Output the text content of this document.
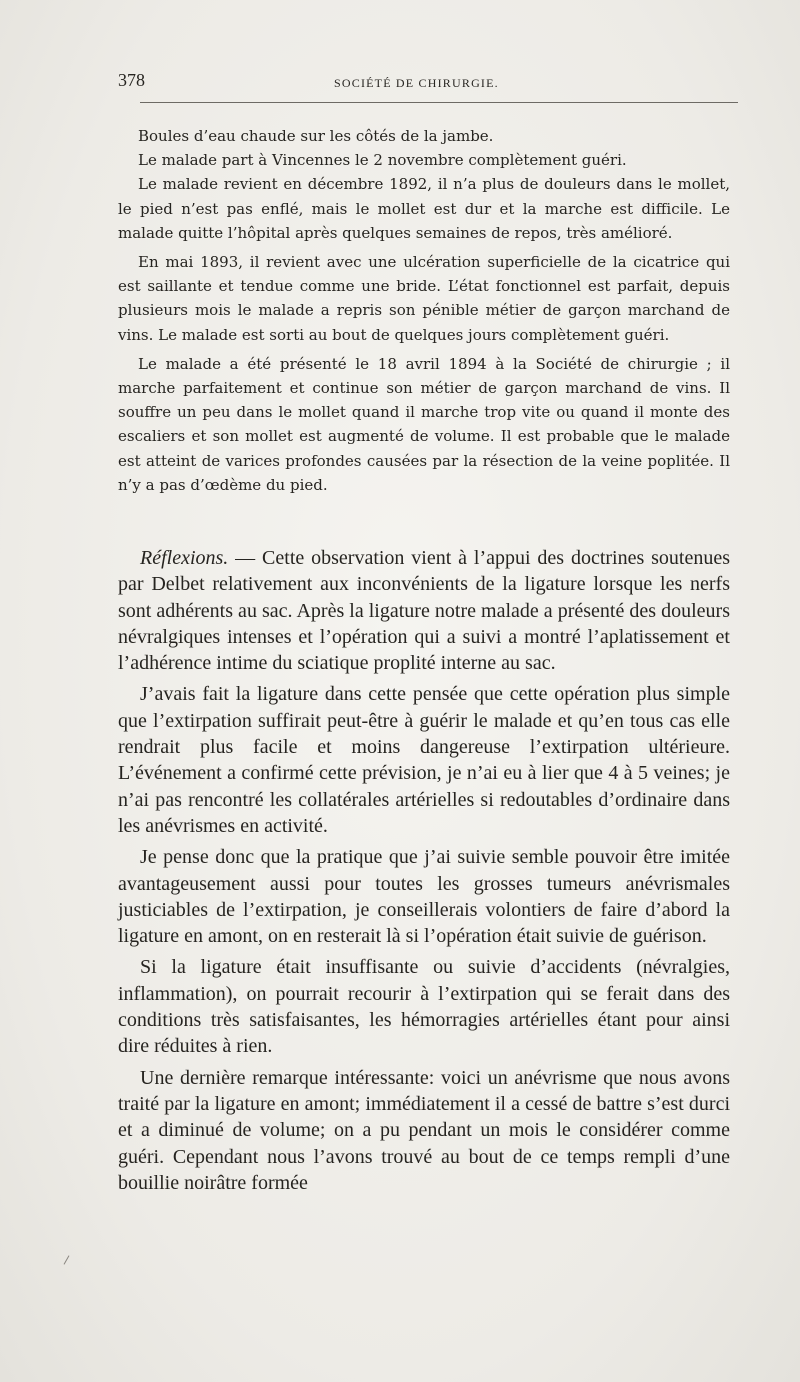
378	SOCIÉTÉ DE CHIRURGIE.

Boules d’eau chaude sur les côtés de la jambe.

Le malade part à Vincennes le 2 novembre complètement guéri.

Le malade revient en décembre 1892, il n’a plus de douleurs dans le mollet, le pied n’est pas enflé, mais le mollet est dur et la marche est difficile. Le malade quitte l’hôpital après quelques semaines de repos, très amélioré.

En mai 1893, il revient avec une ulcération superficielle de la cicatrice qui est saillante et tendue comme une bride. L’état fonctionnel est parfait, depuis plusieurs mois le malade a repris son pénible métier de garçon marchand de vins. Le malade est sorti au bout de quelques jours complètement guéri.

Le malade a été présenté le 18 avril 1894 à la Société de chirurgie ; il marche parfaitement et continue son métier de garçon marchand de vins. Il souffre un peu dans le mollet quand il marche trop vite ou quand il monte des escaliers et son mollet est augmenté de volume. Il est probable que le malade est atteint de varices profondes causées par la résection de la veine poplitée. Il n’y a pas d’œdème du pied.

Réflexions. — Cette observation vient à l’appui des doctrines soutenues par Delbet relativement aux inconvénients de la ligature lorsque les nerfs sont adhérents au sac. Après la ligature notre malade a présenté des douleurs névralgiques intenses et l’opération qui a suivi a montré l’aplatissement et l’adhérence intime du sciatique proplité interne au sac.

J’avais fait la ligature dans cette pensée que cette opération plus simple que l’extirpation suffirait peut-être à guérir le malade et qu’en tous cas elle rendrait plus facile et moins dangereuse l’extirpation ultérieure. L’événement a confirmé cette prévision, je n’ai eu à lier que 4 à 5 veines; je n’ai pas rencontré les collatérales artérielles si redoutables d’ordinaire dans les anévrismes en activité.

Je pense donc que la pratique que j’ai suivie semble pouvoir être imitée avantageusement aussi pour toutes les grosses tumeurs anévrismales justiciables de l’extirpation, je conseillerais volontiers de faire d’abord la ligature en amont, on en resterait là si l’opération était suivie de guérison.

Si la ligature était insuffisante ou suivie d’accidents (névralgies, inflammation), on pourrait recourir à l’extirpation qui se ferait dans des conditions très satisfaisantes, les hémorragies artérielles étant pour ainsi dire réduites à rien.

Une dernière remarque intéressante: voici un anévrisme que nous avons traité par la ligature en amont; immédiatement il a cessé de battre s’est durci et a diminué de volume; on a pu pendant un mois le considérer comme guéri. Cependant nous l’avons trouvé au bout de ce temps rempli d’une bouillie noirâtre formée
